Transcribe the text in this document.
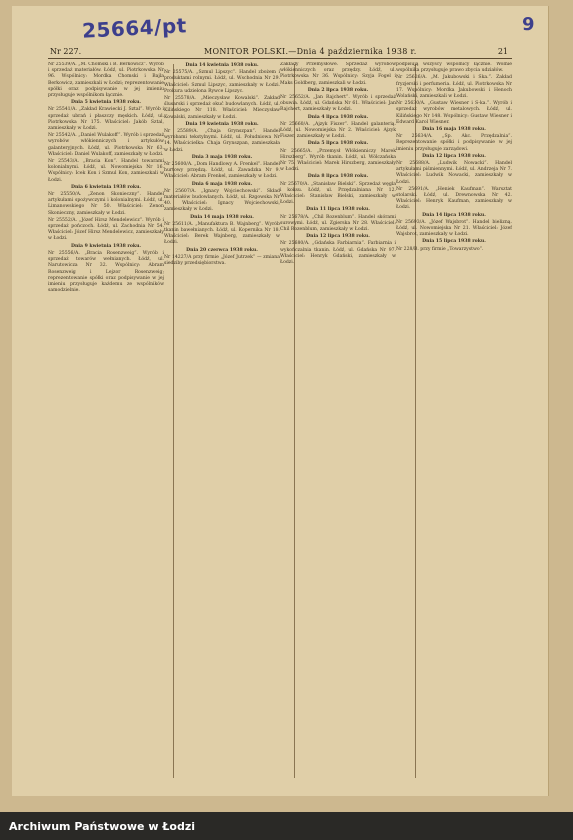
25664/pt	9
Nr 227.	MONITOR POLSKI.—Dnia 4 października 1938 r.	21

Nr 25539/A. „M. Chomski i B. Berkowicz”. Wyrób i sprzedaż materiałów. Łódź, ul. Piotrkowska Nr 96. Wspólnicy: Mordka Chomski i Bajla Berkowicz, zamieszkali w Łodzi; reprezentowanie spółki oraz podpisywanie w jej imieniu przysługuje wspólnikom łącznie.

Dnia 5 kwietnia 1938 roku.

Nr 25541/A. „Zakład Krawiecki J. Sztal”. Wyrób i sprzedaż ubrań i płaszczy męskich. Łódź, ul. Piotrkowska Nr 175. Właściciel: Jakób Sztal, zamieszkały w Łodzi.

Nr 25542/A. „Daniel Wulakoff”. Wyrób i sprzedaż wyrobów włókienniczych i artykułów galanteryjnych. Łódź, ul. Piotrkowska Nr 63. Właściciel: Daniel Wulakoff, zamieszkały w Łodzi.

Nr 25543/A. „Bracia Kon”. Handel towarami kolonialnymi. Łódź, ul. Nowomiejska Nr 16. Wspólnicy: Icek Kon i Szmul Kon, zamieszkali w Łodzi.

Dnia 6 kwietnia 1938 roku.

Nr 25550/A. „Zenon Skonieczny”. Handel artykułami spożywczymi i kolonialnymi. Łódź, ul. Limanowskiego Nr 50. Właściciel: Zenon Skonieczny, zamieszkały w Łodzi.

Nr 25552/A. „Józef Hirsz Mendelewicz”. Wyrób i sprzedaż pończoch. Łódź, ul. Zachodnia Nr 54. Właściciel: Józef Hirsz Mendelewicz, zamieszkały w Łodzi.

Dnia 9 kwietnia 1938 roku.

Nr 25556/A. „Bracia Rosenzweig”. Wyrób i sprzedaż towarów wełnianych. Łódź, ul. Narutowicza Nr 32. Wspólnicy: Abram Rosenzweig i Lejzor Rosenzweig; reprezentowanie spółki oraz podpisywanie w jej imieniu przysługuje każdemu ze wspólników samodzielnie.

Dnia 14 kwietnia 1938 roku.

Nr 25575/A. „Szmul Lipszyc”. Handel zbożem i produktami rolnymi. Łódź, ul. Wschodnia Nr 29. Właściciel: Szmul Lipszyc, zamieszkały w Łodzi. Prokura udzielona Rywce Lipszyc.

Nr 25578/A. „Mieczysław Kowalski”. Zakład ślusarski i sprzedaż okuć budowlanych. Łódź, ul. Kilińskiego Nr 118. Właściciel: Mieczysław Kowalski, zamieszkały w Łodzi.

Dnia 19 kwietnia 1938 roku.

Nr 25589/A. „Chaja Grynszpan”. Handel wyrobami tekstylnymi. Łódź, ul. Południowa Nr 14. Właścicielka: Chaja Grynszpan, zamieszkała w Łodzi.

Dnia 3 maja 1938 roku.

Nr 25600/A. „Dom Handlowy A. Frenkel”. Handel hurtowy przędzą. Łódź, ul. Zawadzka Nr 9. Właściciel: Abram Frenkel, zamieszkały w Łodzi.

Dnia 6 maja 1938 roku.

Nr 25607/A. „Ignacy Wojciechowski”. Skład materiałów budowlanych. Łódź, ul. Rzgowska Nr 40. Właściciel: Ignacy Wojciechowski, zamieszkały w Łodzi.

Dnia 14 maja 1938 roku.

Nr 25611/A. „Manufaktura B. Wajnberg”. Wyrób tkanin bawełnianych. Łódź, ul. Kopernika Nr 18. Właściciel: Berek Wajnberg, zamieszkały w Łodzi.

Dnia 20 czerwca 1938 roku.

Nr 14227/A przy firmie „Józef Jutrzek” — zmiana siedziby przedsiębiorstwa.

Zakłady Przemysłowe. Sprzedaż wyrobów włókienniczych oraz przędzy. Łódź, ul. Piotrkowska Nr 36. Wspólnicy: Szyja Fogel i Maks Goldberg, zamieszkali w Łodzi.

Dnia 2 lipca 1938 roku.

Nr 25652/A. „Jan Rajchert”. Wyrób i sprzedaż obuwia. Łódź, ul. Gdańska Nr 61. Właściciel: Jan Rajchert, zamieszkały w Łodzi.

Dnia 4 lipca 1938 roku.

Nr 25660/A. „Ajzyk Fiszer”. Handel galanterią. Łódź, ul. Nowomiejska Nr 2. Właściciel: Ajzyk Fiszer, zamieszkały w Łodzi.

Dnia 5 lipca 1938 roku.

Nr 25665/A. „Przemysł Włókienniczy Marek Hirszberg”. Wyrób tkanin. Łódź, ul. Wólczańska Nr 75. Właściciel: Marek Hirszberg, zamieszkały w Łodzi.

Dnia 8 lipca 1938 roku.

Nr 25670/A. „Stanisław Bielski”. Sprzedaż węgla i koksu. Łódź, ul. Przędzalniana Nr 12. Właściciel: Stanisław Bielski, zamieszkały w Łodzi.

Dnia 11 lipca 1938 roku.

Nr 25678/A. „Chil Rozenblum”. Handel skórami surowymi. Łódź, ul. Zgierska Nr 28. Właściciel: Chil Rozenblum, zamieszkały w Łodzi.

Dnia 12 lipca 1938 roku.

Nr 25680/A. „Gdańska Farbiarnia”. Farbiarnia i wykończalnia tkanin. Łódź, ul. Gdańska Nr 97. Właściciel: Henryk Gdański, zamieszkały w Łodzi.

podpisują wszyscy wspólnicy łącznie. Wolnie wspólnika przysługuje prawo zbycia udziałów.

Nr 25626/A. „M. Jakubowski i Ska.”. Zakład fryzjerski i perfumeria. Łódź, ul. Piotrkowska Nr 17. Wspólnicy: Mordka Jakubowski i Henoch Wolański, zamieszkali w Łodzi.

Nr 25630/A. „Gustaw Wiesner i S-ka.”. Wyrób i sprzedaż wyrobów metalowych. Łódź, ul. Kilińskiego Nr 148. Wspólnicy: Gustaw Wiesner i Edward Karol Wiesner.

Dnia 16 maja 1938 roku.

Nr 25634/A. „Sp. Akc. Przędzalnia”. Reprezentowanie spółki i podpisywanie w jej imieniu przysługuje zarządowi.

Dnia 12 lipca 1938 roku.

Nr 25688/A. „Ludwik Nowacki”. Handel artykułami piśmiennymi. Łódź, ul. Andrzeja Nr 7. Właściciel: Ludwik Nowacki, zamieszkały w Łodzi.

Nr 25691/A. „Heniek Kaufman”. Warsztat stolarski. Łódź, ul. Drewnowska Nr 42. Właściciel: Henryk Kaufman, zamieszkały w Łodzi.

Dnia 14 lipca 1938 roku.

Nr 25693/A. „Józef Wajsbrot”. Handel bielizną. Łódź, ul. Nowomiejska Nr 21. Właściciel: Józef Wajsbrot, zamieszkały w Łodzi.

Dnia 15 lipca 1938 roku.

Nr 228/B. przy firmie „Towarzystwo”.

Archiwum Państwowe w Łodzi
